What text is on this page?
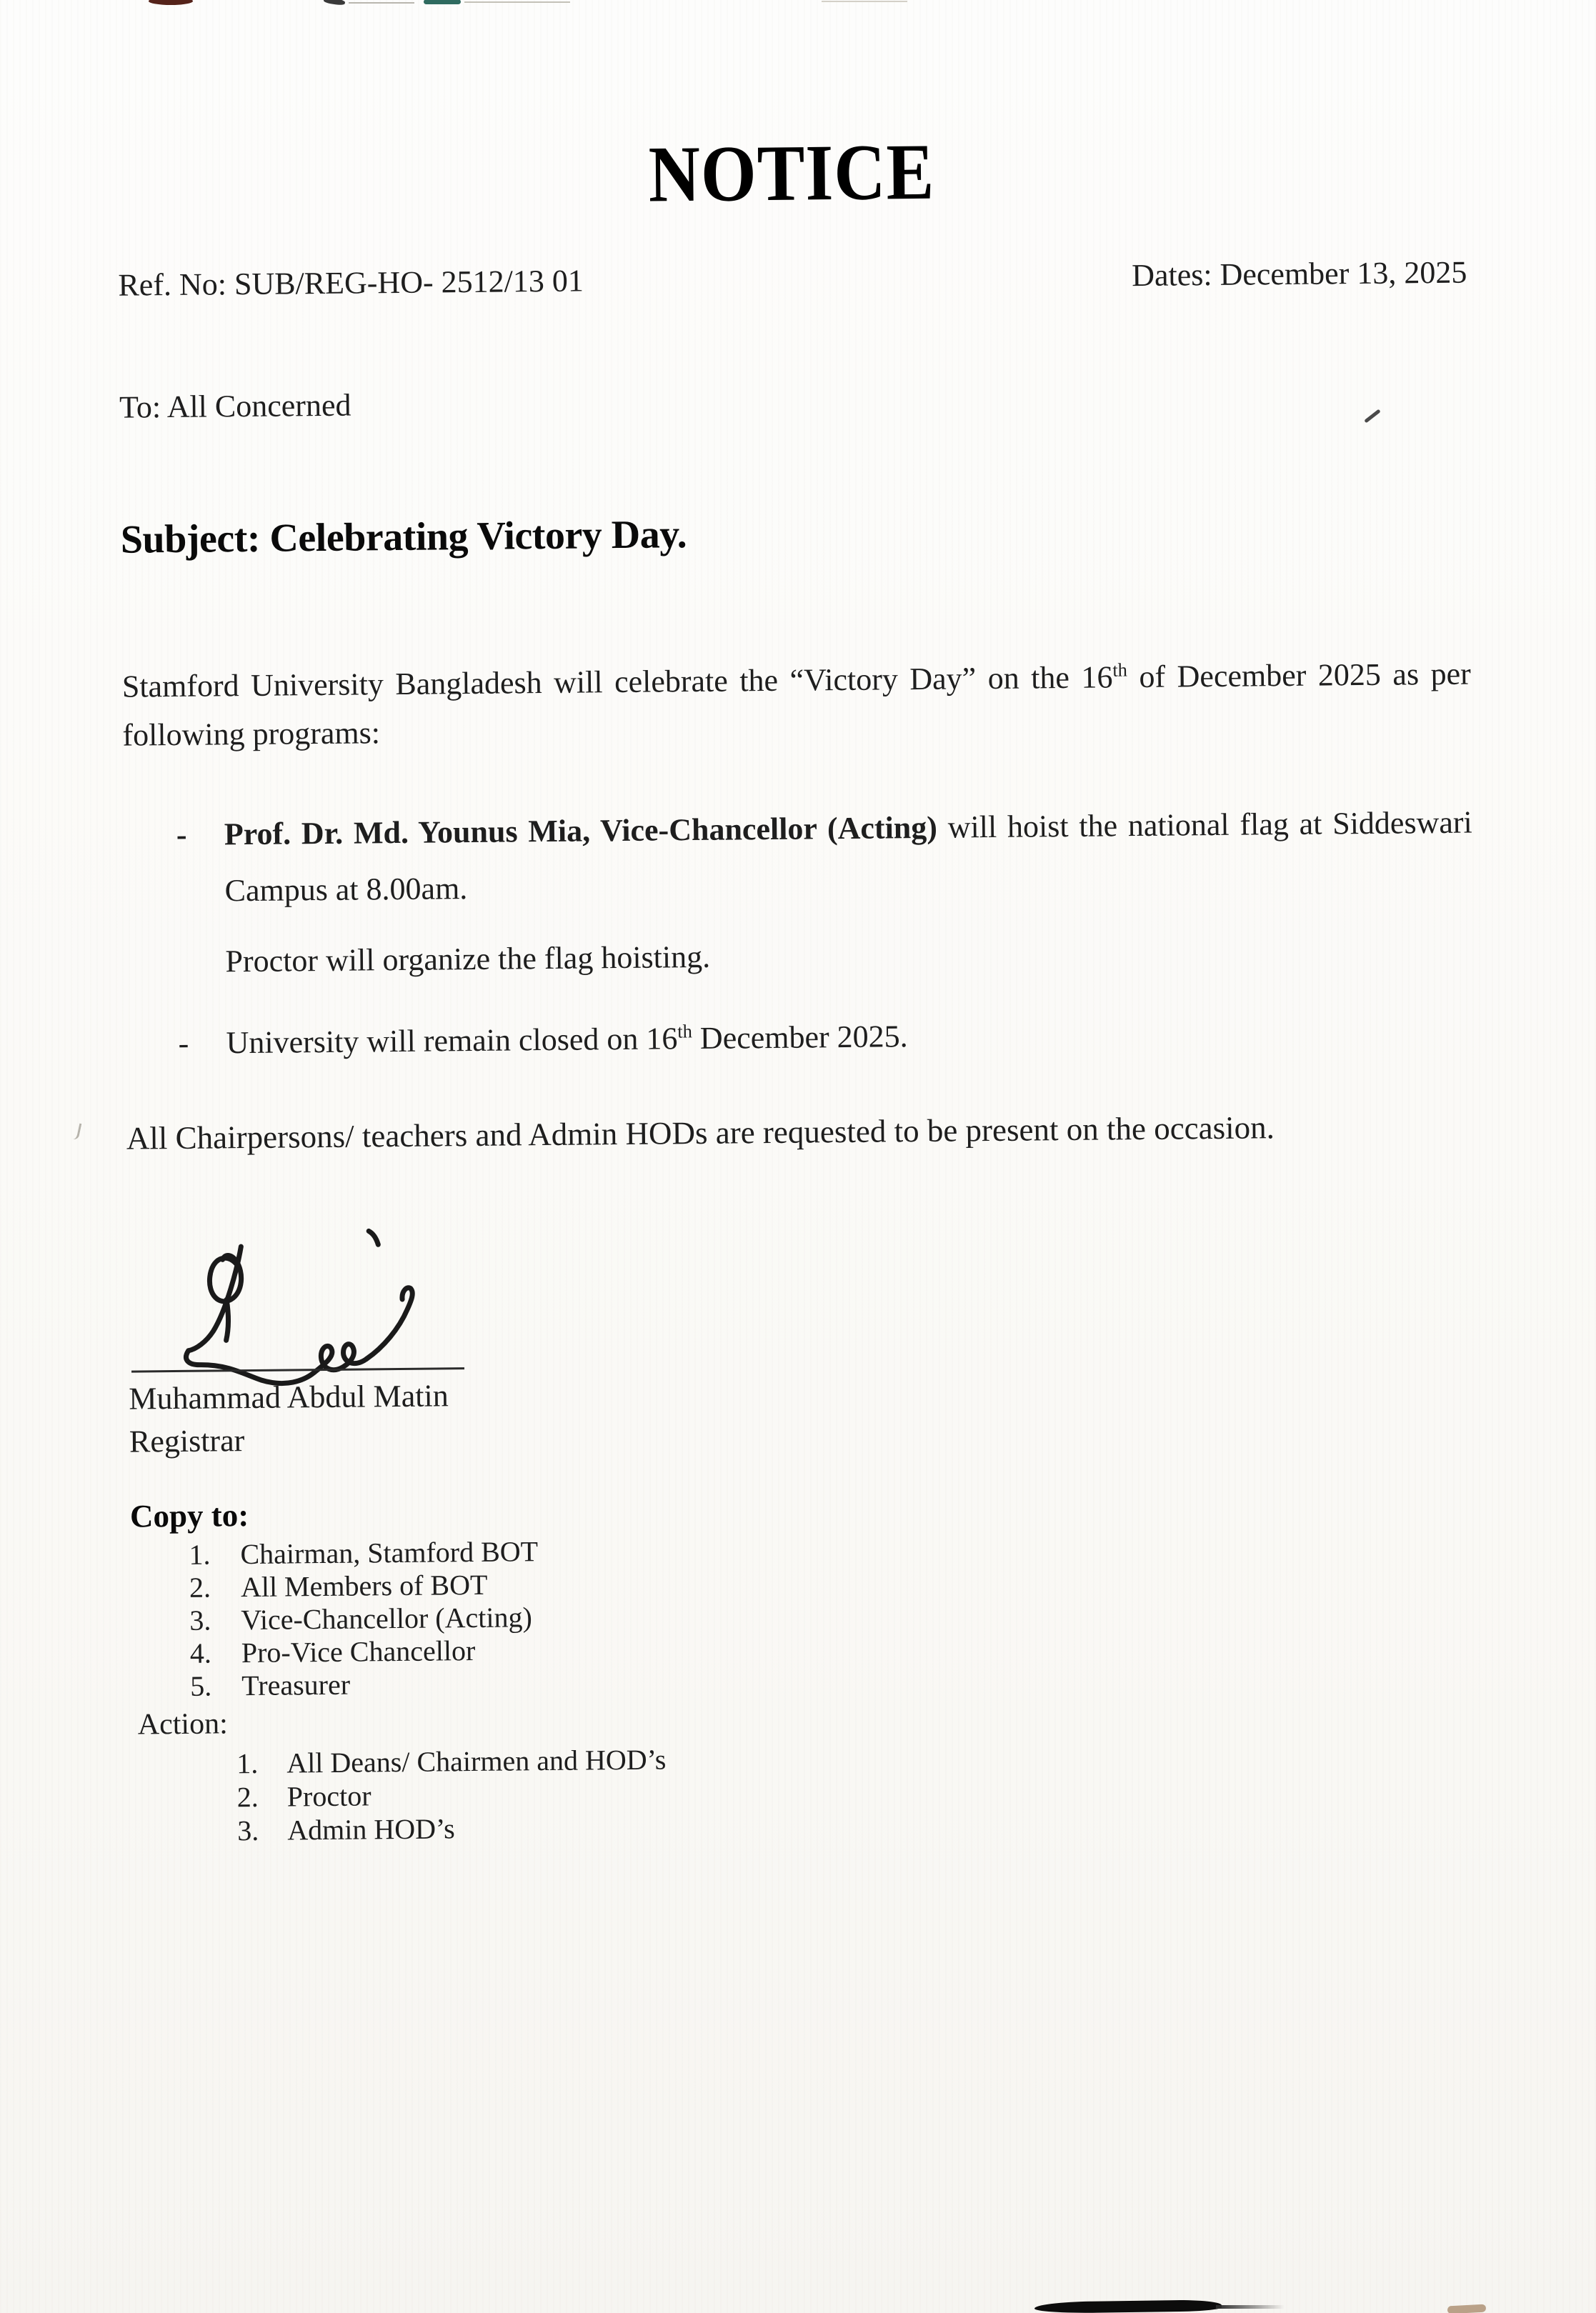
NOTICE
Ref. No: SUB/REG-HO- 2512/13 01	Dates: December 13, 2025
To: All Concerned
Subject: Celebrating Victory Day.

Stamford University Bangladesh will celebrate the “Victory Day” on the 16th of December 2025 as per following programs:

- Prof. Dr. Md. Younus Mia, Vice-Chancellor (Acting) will hoist the national flag at Siddeswari Campus at 8.00am.
Proctor will organize the flag hoisting.
- University will remain closed on 16th December 2025.
All Chairpersons/ teachers and Admin HODs are requested to be present on the occasion.
Muhammad Abdul Matin
Registrar
Copy to:
1.	Chairman, Stamford BOT
2.	All Members of BOT
3.	Vice-Chancellor (Acting)
4.	Pro-Vice Chancellor
5.	Treasurer
Action:
1. All Deans/ Chairmen and HOD’s
2. Proctor
3. Admin HOD’s
